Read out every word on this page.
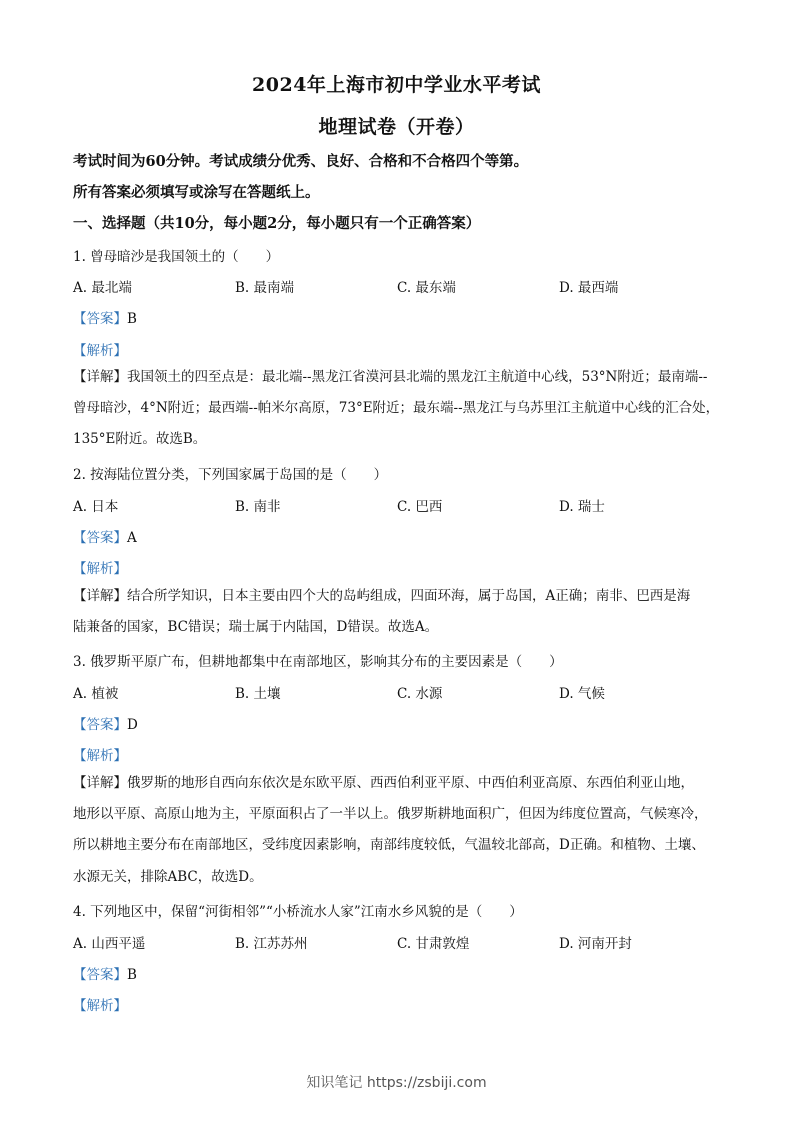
2024年上海市初中学业水平考试
地理试卷（开卷）
考试时间为60分钟。考试成绩分优秀、良好、合格和不合格四个等第。
所有答案必须填写或涂写在答题纸上。
一、选择题（共10分，每小题2分，每小题只有一个正确答案）
1. 曾母暗沙是我国领土的（　　）
A. 最北端	B. 最南端	C. 最东端	D. 最西端
【答案】B
【解析】
【详解】我国领土的四至点是：最北端--黑龙江省漠河县北端的黑龙江主航道中心线，53°N附近；最南端--
曾母暗沙，4°N附近；最西端--帕米尔高原，73°E附近；最东端--黑龙江与乌苏里江主航道中心线的汇合处，
135°E附近。故选B。
2. 按海陆位置分类，下列国家属于岛国的是（　　）
A. 日本	B. 南非	C. 巴西	D. 瑞士
【答案】A
【解析】
【详解】结合所学知识，日本主要由四个大的岛屿组成，四面环海，属于岛国，A正确；南非、巴西是海
陆兼备的国家，BC错误；瑞士属于内陆国，D错误。故选A。
3. 俄罗斯平原广布，但耕地都集中在南部地区，影响其分布的主要因素是（　　）
A. 植被	B. 土壤	C. 水源	D. 气候
【答案】D
【解析】
【详解】俄罗斯的地形自西向东依次是东欧平原、西西伯利亚平原、中西伯利亚高原、东西伯利亚山地，
地形以平原、高原山地为主，平原面积占了一半以上。俄罗斯耕地面积广，但因为纬度位置高，气候寒冷，
所以耕地主要分布在南部地区，受纬度因素影响，南部纬度较低，气温较北部高，D正确。和植物、土壤、
水源无关，排除ABC，故选D。
4. 下列地区中，保留“河街相邻”“小桥流水人家”江南水乡风貌的是（　　）
A. 山西平遥	B. 江苏苏州	C. 甘肃敦煌	D. 河南开封
【答案】B
【解析】
知识笔记 https://zsbiji.com
